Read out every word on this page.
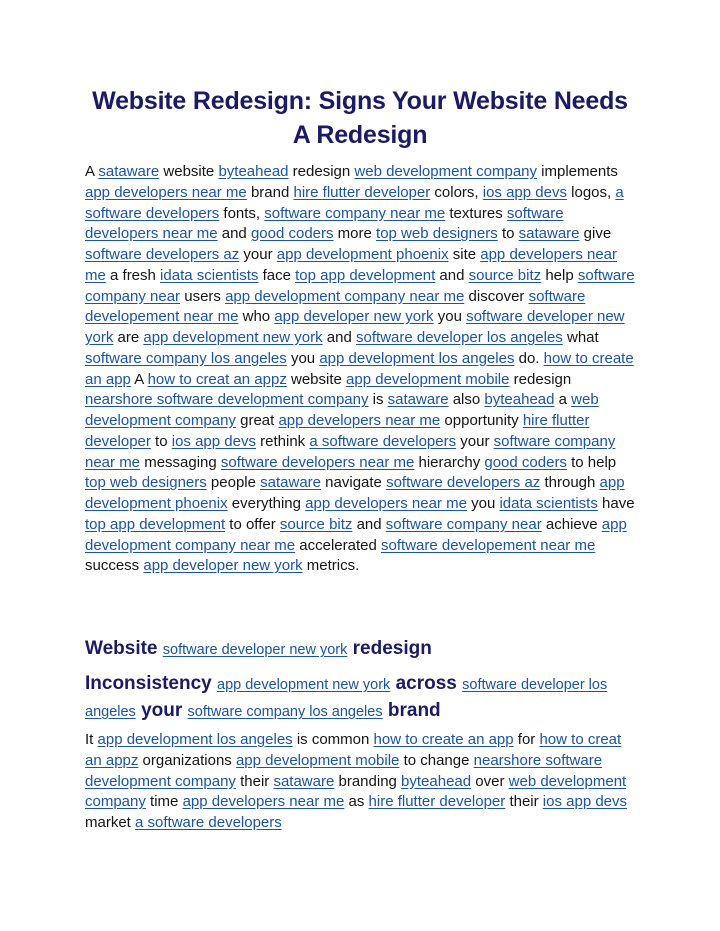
Website Redesign: Signs Your Website Needs A Redesign

A sataware website byteahead redesign web development company implements app developers near me brand hire flutter developer colors, ios app devs logos, a software developers fonts, software company near me textures software developers near me and good coders more top web designers to sataware give software developers az your app development phoenix site app developers near me a fresh idata scientists face top app development and source bitz help software company near users app development company near me discover software developement near me who app developer new york you software developer new york are app development new york and software developer los angeles what software company los angeles you app development los angeles do. how to create an app A how to creat an appz website app development mobile redesign nearshore software development company is sataware also byteahead a web development company great app developers near me opportunity hire flutter developer to ios app devs rethink a software developers your software company near me messaging software developers near me hierarchy good coders to help top web designers people sataware navigate software developers az through app development phoenix everything app developers near me you idata scientists have top app development to offer source bitz and software company near achieve app development company near me accelerated software developement near me success app developer new york metrics.

Website software developer new york redesign
Inconsistency app development new york across software developer los angeles your software company los angeles brand

It app development los angeles is common how to create an app for how to creat an appz organizations app development mobile to change nearshore software development company their sataware branding byteahead over web development company time app developers near me as hire flutter developer their ios app devs market a software developers
